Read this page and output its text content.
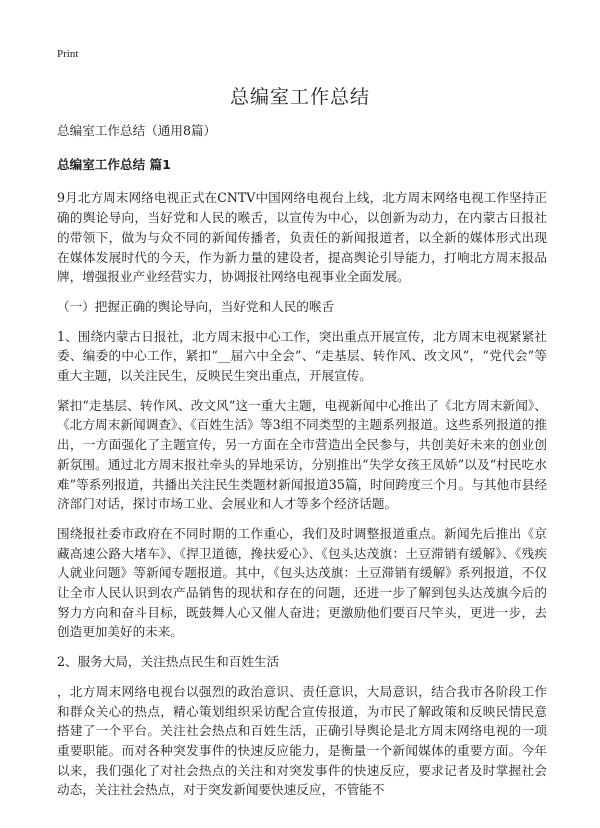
Print
总编室工作总结

总编室工作总结（通用8篇）

总编室工作总结 篇1

9月北方周末网络电视正式在CNTV中国网络电视台上线，北方周末网络电视工作坚持正确的舆论导向，当好党和人民的喉舌，以宣传为中心，以创新为动力，在内蒙古日报社的带领下，做为与众不同的新闻传播者，负责任的新闻报道者，以全新的媒体形式出现在媒体发展时代的今天，作为新力量的建设者，提高舆论引导能力，打响北方周末报品牌，增强报业产业经营实力，协调报社网络电视事业全面发展。

（一）把握正确的舆论导向，当好党和人民的喉舌

1、围绕内蒙古日报社，北方周末报中心工作，突出重点开展宣传，北方周末电视紧紧社委、编委的中心工作，紧扣“__届六中全会”、“走基层、转作风、改文风”，“党代会”等重大主题，以关注民生，反映民生突出重点，开展宣传。

紧扣“走基层、转作风、改文风”这一重大主题，电视新闻中心推出了《北方周末新闻》、《北方周末新闻调查》、《百姓生活》等3组不同类型的主题系列报道。这些系列报道的推出，一方面强化了主题宣传，另一方面在全市营造出全民参与，共创美好未来的创业创新氛围。通过北方周末报社牵头的异地采访，分别推出“失学女孩王凤娇”以及“村民吃水难”等系列报道，共播出关注民生类题材新闻报道35篇，时间跨度三个月。与其他市县经济部门对话，探讨市场工业、会展业和人才等多个经济话题。

围绕报社委市政府在不同时期的工作重心，我们及时调整报道重点。新闻先后推出《京藏高速公路大堵车》、《捍卫道德，搀扶爱心》、《包头达茂旗：土豆滞销有缓解》、《残疾人就业问题》等新闻专题报道。其中，《包头达茂旗：土豆滞销有缓解》系列报道，不仅让全市人民认识到农产品销售的现状和存在的问题，还进一步了解到包头达茂旗今后的努力方向和奋斗目标，既鼓舞人心又催人奋进；更激励他们要百尺竿头，更进一步，去创造更加美好的未来。

2、服务大局，关注热点民生和百姓生活

，北方周末网络电视台以强烈的政治意识、责任意识，大局意识，结合我市各阶段工作和群众关心的热点，精心策划组织采访配合宣传报道，为市民了解政策和反映民情民意搭建了一个平台。关注社会热点和百姓生活，正确引导舆论是北方周末网络电视的一项重要职能。而对各种突发事件的快速反应能力，是衡量一个新闻媒体的重要方面。今年以来，我们强化了对社会热点的关注和对突发事件的快速反应，要求记者及时掌握社会动态，关注社会热点，对于突发新闻要快速反应，不管能不
